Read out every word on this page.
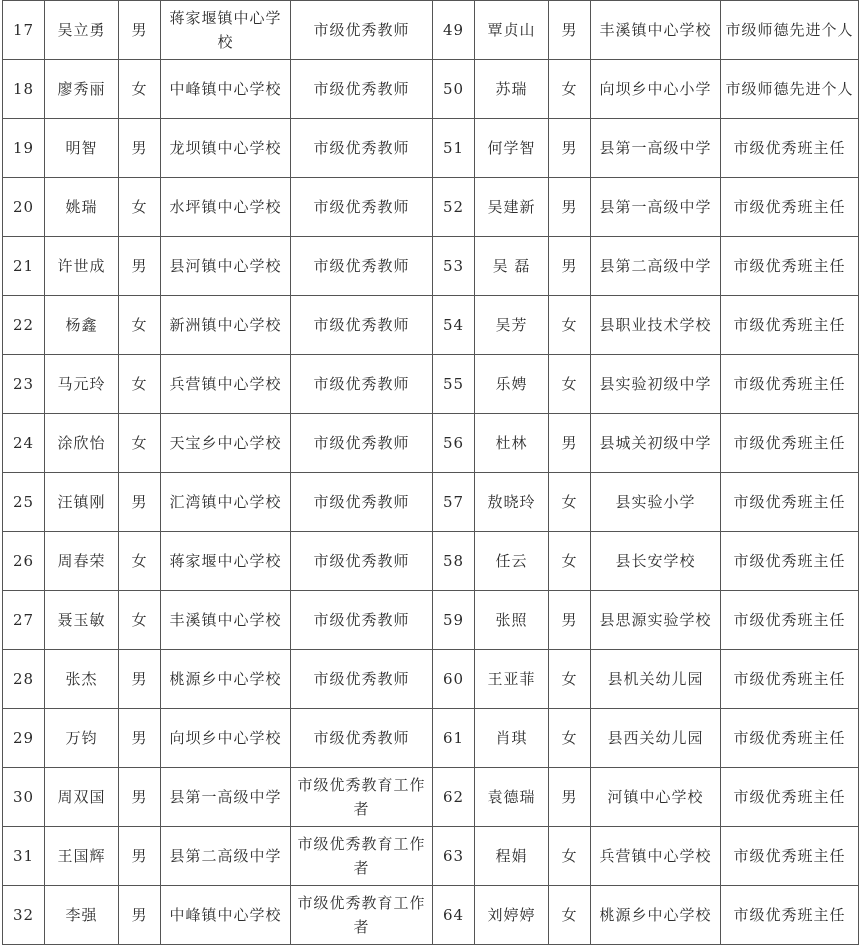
17	吴立勇	男	蒋家堰镇中心学校	市级优秀教师	49	覃贞山	男	丰溪镇中心学校	市级师德先进个人
18	廖秀丽	女	中峰镇中心学校	市级优秀教师	50	苏瑞	女	向坝乡中心小学	市级师德先进个人
19	明智	男	龙坝镇中心学校	市级优秀教师	51	何学智	男	县第一高级中学	市级优秀班主任
20	姚瑞	女	水坪镇中心学校	市级优秀教师	52	吴建新	男	县第一高级中学	市级优秀班主任
21	许世成	男	县河镇中心学校	市级优秀教师	53	吴 磊	男	县第二高级中学	市级优秀班主任
22	杨鑫	女	新洲镇中心学校	市级优秀教师	54	吴芳	女	县职业技术学校	市级优秀班主任
23	马元玲	女	兵营镇中心学校	市级优秀教师	55	乐娉	女	县实验初级中学	市级优秀班主任
24	涂欣怡	女	天宝乡中心学校	市级优秀教师	56	杜林	男	县城关初级中学	市级优秀班主任
25	汪镇刚	男	汇湾镇中心学校	市级优秀教师	57	敖晓玲	女	县实验小学	市级优秀班主任
26	周春荣	女	蒋家堰中心学校	市级优秀教师	58	任云	女	县长安学校	市级优秀班主任
27	聂玉敏	女	丰溪镇中心学校	市级优秀教师	59	张照	男	县思源实验学校	市级优秀班主任
28	张杰	男	桃源乡中心学校	市级优秀教师	60	王亚菲	女	县机关幼儿园	市级优秀班主任
29	万钧	男	向坝乡中心学校	市级优秀教师	61	肖琪	女	县西关幼儿园	市级优秀班主任
30	周双国	男	县第一高级中学	市级优秀教育工作者	62	袁德瑞	男	河镇中心学校	市级优秀班主任
31	王国辉	男	县第二高级中学	市级优秀教育工作者	63	程娟	女	兵营镇中心学校	市级优秀班主任
32	李强	男	中峰镇中心学校	市级优秀教育工作者	64	刘婷婷	女	桃源乡中心学校	市级优秀班主任
